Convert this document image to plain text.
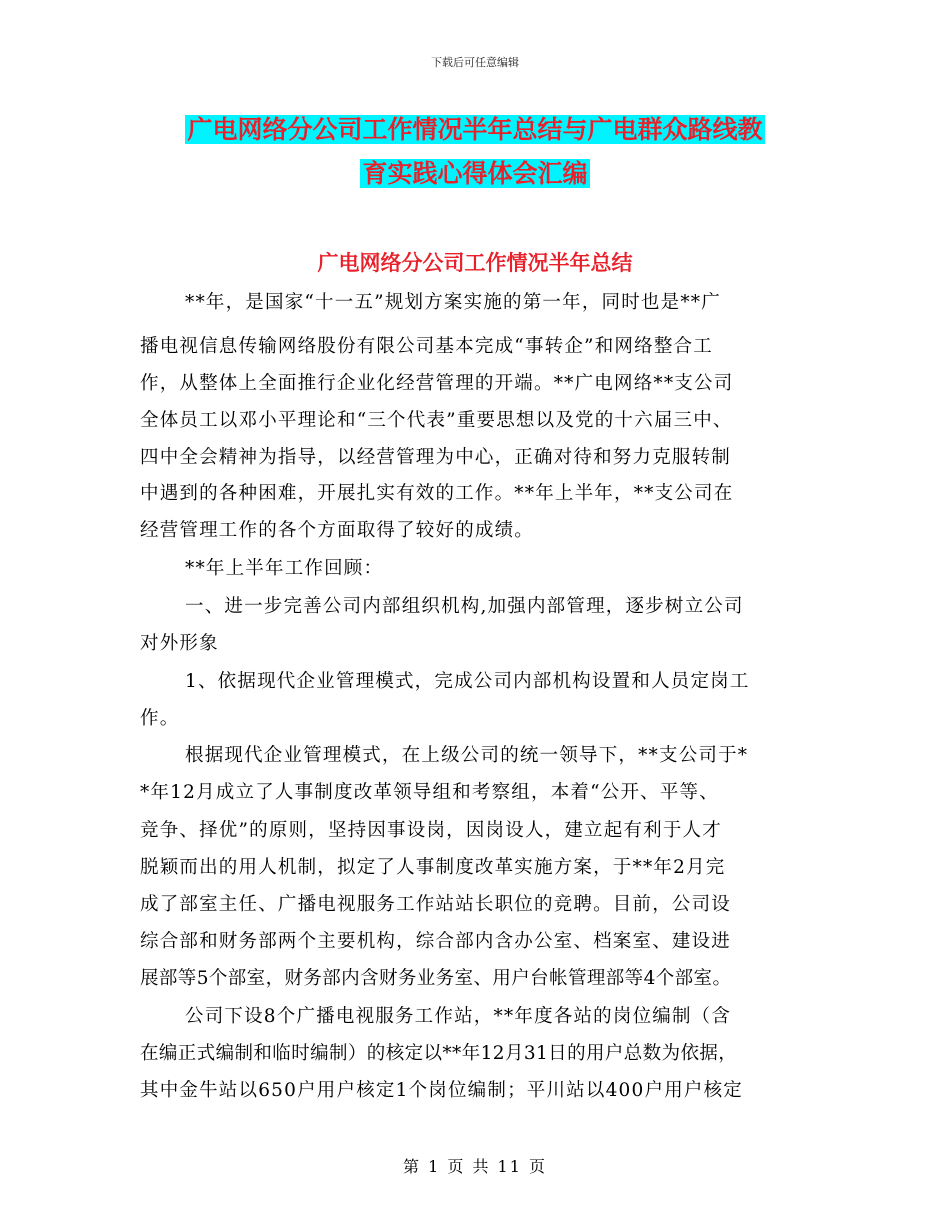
下载后可任意编辑
广电网络分公司工作情况半年总结与广电群众路线教
育实践心得体会汇编
广电网络分公司工作情况半年总结
**年，是国家“十一五”规划方案实施的第一年，同时也是**广
播电视信息传输网络股份有限公司基本完成“事转企”和网络整合工
作，从整体上全面推行企业化经营管理的开端。**广电网络**支公司
全体员工以邓小平理论和“三个代表”重要思想以及党的十六届三中、
四中全会精神为指导，以经营管理为中心，正确对待和努力克服转制
中遇到的各种困难，开展扎实有效的工作。**年上半年，**支公司在
经营管理工作的各个方面取得了较好的成绩。
**年上半年工作回顾：
一、进一步完善公司内部组织机构,加强内部管理，逐步树立公司
对外形象
1、依据现代企业管理模式，完成公司内部机构设置和人员定岗工
作。
根据现代企业管理模式，在上级公司的统一领导下，**支公司于*
*年12月成立了人事制度改革领导组和考察组，本着“公开、平等、
竞争、择优”的原则，坚持因事设岗，因岗设人，建立起有利于人才
脱颖而出的用人机制，拟定了人事制度改革实施方案，于**年2月完
成了部室主任、广播电视服务工作站站长职位的竞聘。目前，公司设
综合部和财务部两个主要机构，综合部内含办公室、档案室、建设进
展部等5个部室，财务部内含财务业务室、用户台帐管理部等4个部室。
公司下设8个广播电视服务工作站，**年度各站的岗位编制（含
在编正式编制和临时编制）的核定以**年12月31日的用户总数为依据，
其中金牛站以650户用户核定1个岗位编制；平川站以400户用户核定
第 1 页 共 11 页
